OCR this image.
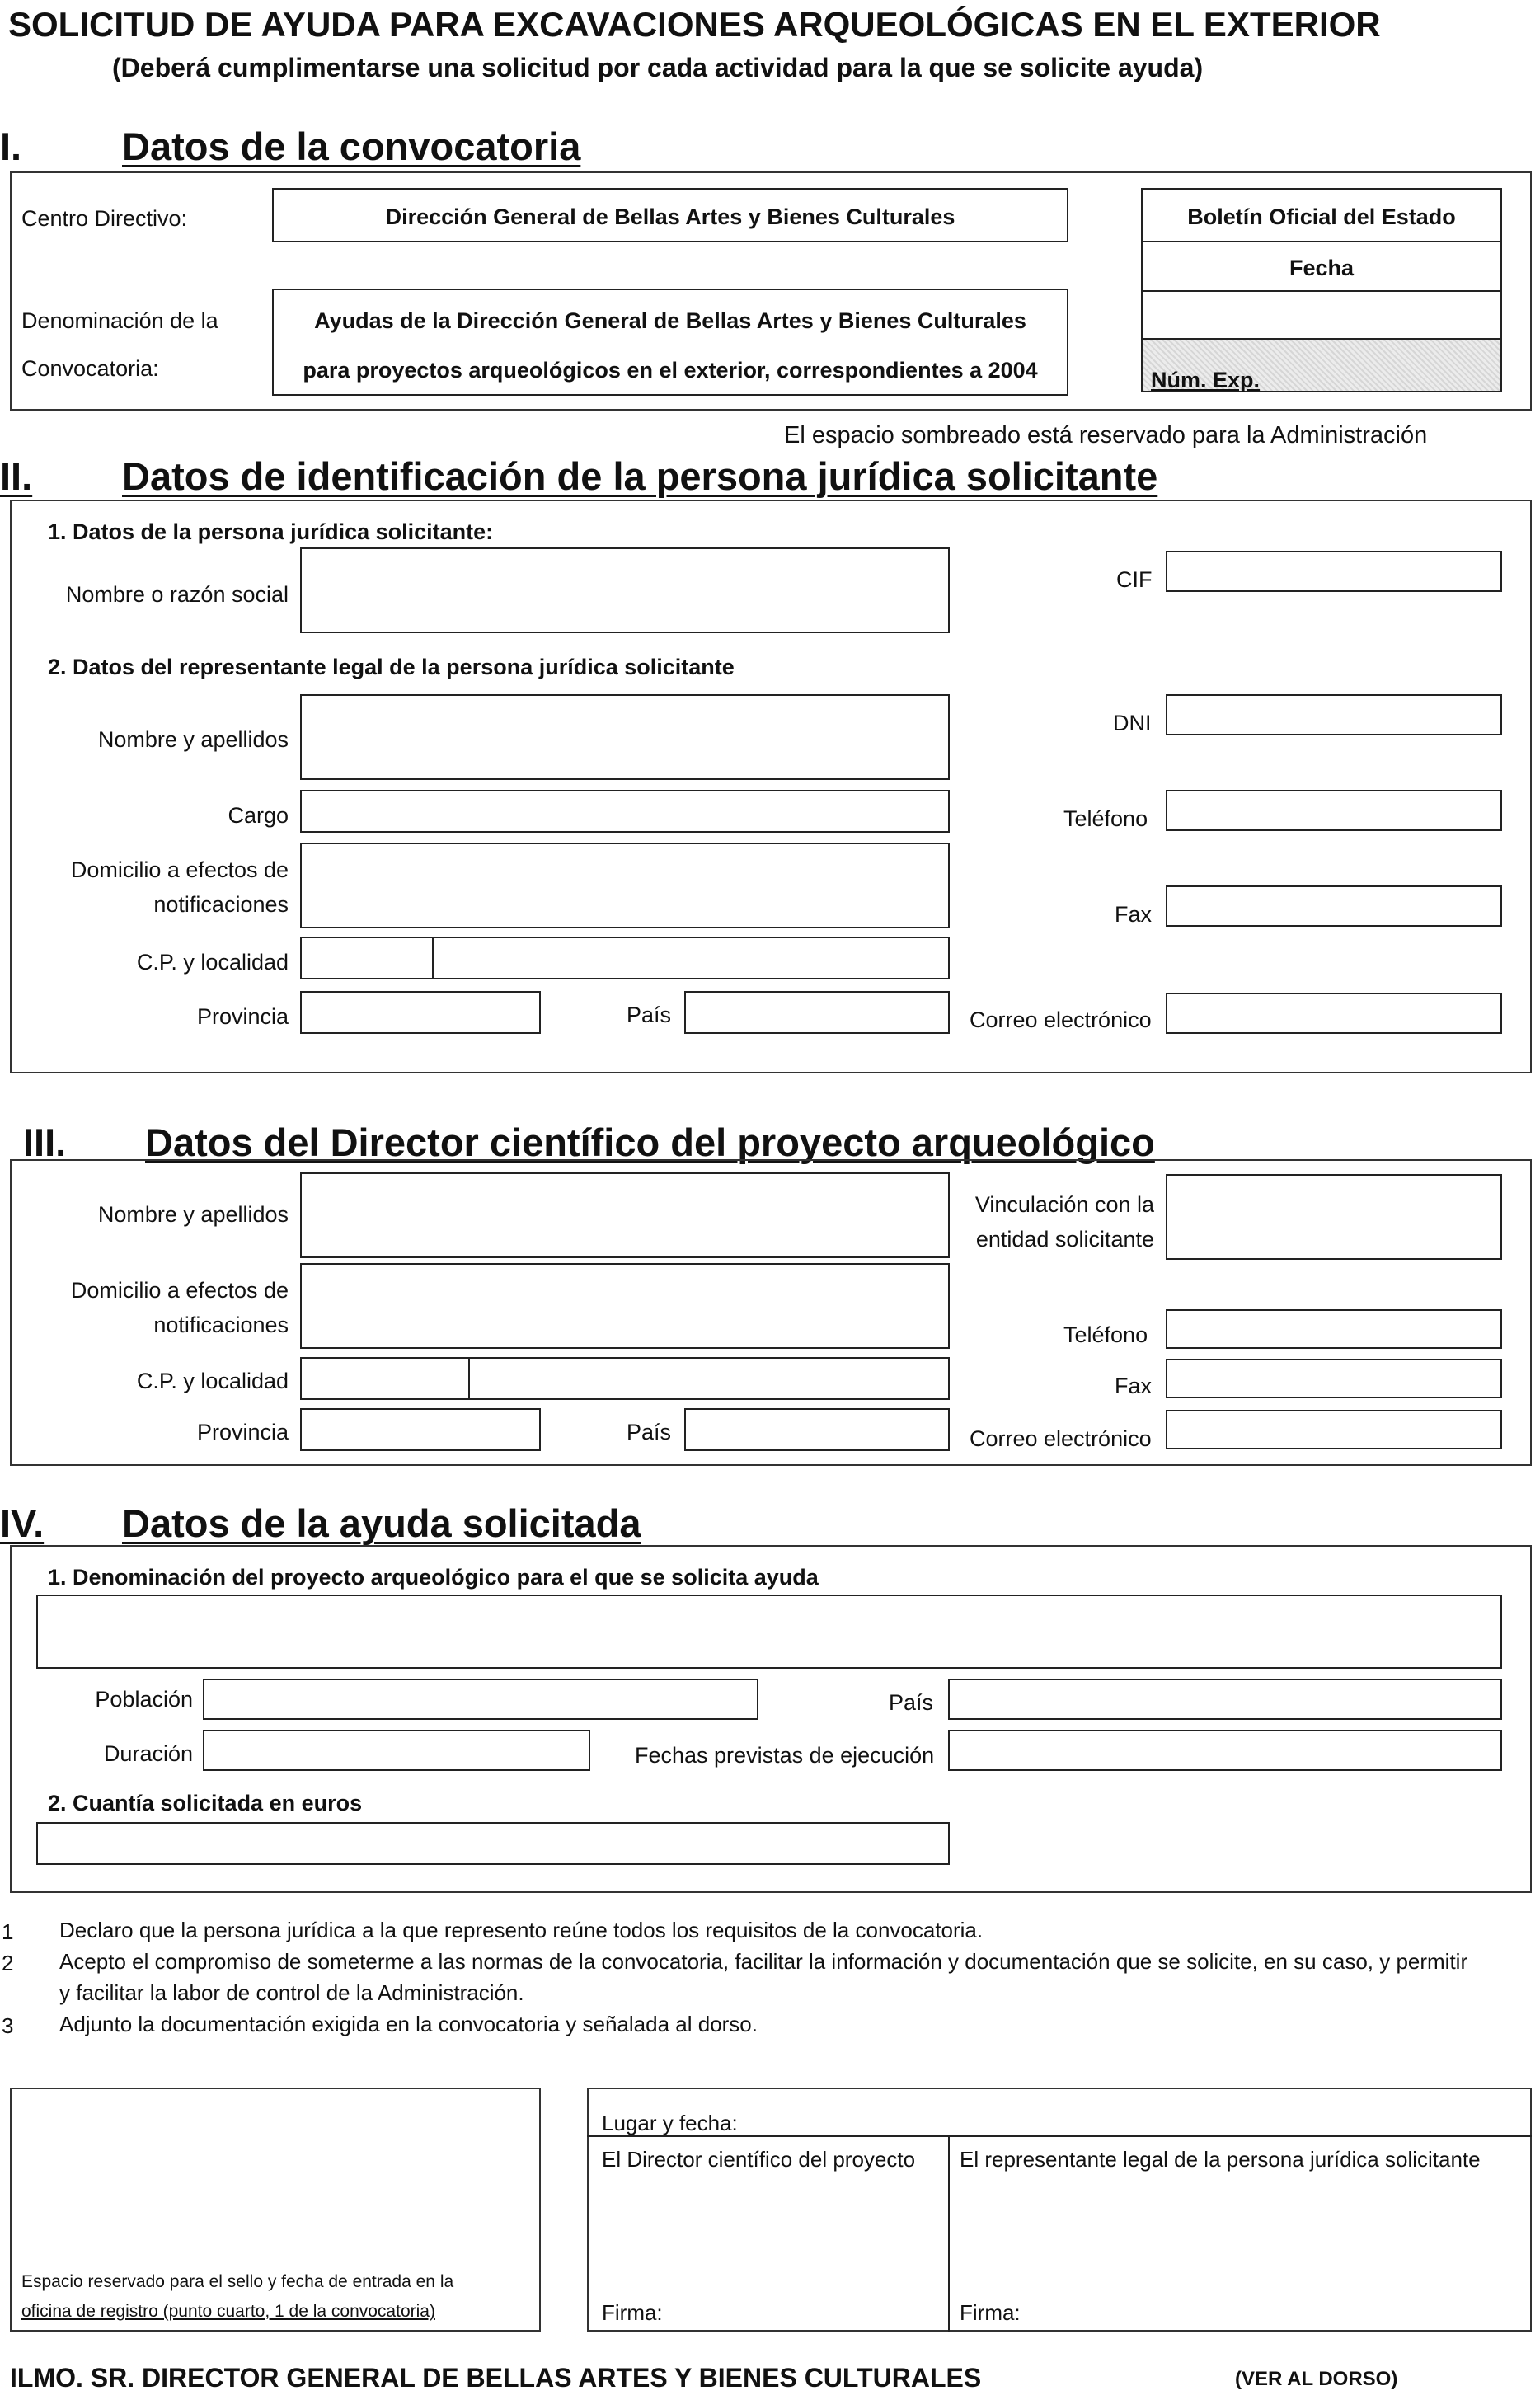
SOLICITUD DE AYUDA PARA EXCAVACIONES ARQUEOLÓGICAS EN EL EXTERIOR
(Deberá cumplimentarse una solicitud por cada actividad para la que se solicite ayuda)
I.	Datos de la convocatoria
Centro Directivo:	Dirección General de Bellas Artes y Bienes Culturales
Denominación de la
Convocatoria:
Ayudas de la Dirección General de Bellas Artes y Bienes Culturales
para proyectos arqueológicos en el exterior, correspondientes a 2004
Boletín Oficial del Estado
Fecha
Núm. Exp.
El espacio sombreado está reservado para la Administración
II. Datos de identificación de la persona jurídica solicitante
1. Datos de la persona jurídica solicitante:
Nombre o razón social
CIF
2. Datos del representante legal de la persona jurídica solicitante
Nombre y apellidos
DNI
Cargo	Teléfono
Domicilio a efectos de
notificaciones	Fax
C.P. y localidad
Provincia	País	Correo electrónico
III. Datos del Director científico del proyecto arqueológico
Nombre y apellidos	Vinculación con la
entidad solicitante
Domicilio a efectos de
notificaciones	Teléfono
C.P. y localidad	Fax
Provincia	País	Correo electrónico
IV. Datos de la ayuda solicitada
1. Denominación del proyecto arqueológico para el que se solicita ayuda
Población	País
Duración	Fechas previstas de ejecución
2. Cuantía solicitada en euros
1 Declaro que la persona jurídica a la que represento reúne todos los requisitos de la convocatoria.
2 Acepto el compromiso de someterme a las normas de la convocatoria, facilitar la información y documentación que se solicite, en su caso, y permitir
y facilitar la labor de control de la Administración.
3 Adjunto la documentación exigida en la convocatoria y señalada al dorso.
Espacio reservado para el sello y fecha de entrada en la
oficina de registro (punto cuarto, 1 de la convocatoria)
Lugar y fecha:
El Director científico del proyecto El representante legal de la persona jurídica solicitante
Firma:	Firma:
ILMO. SR. DIRECTOR GENERAL DE BELLAS ARTES Y BIENES CULTURALES	(VER AL DORSO)
